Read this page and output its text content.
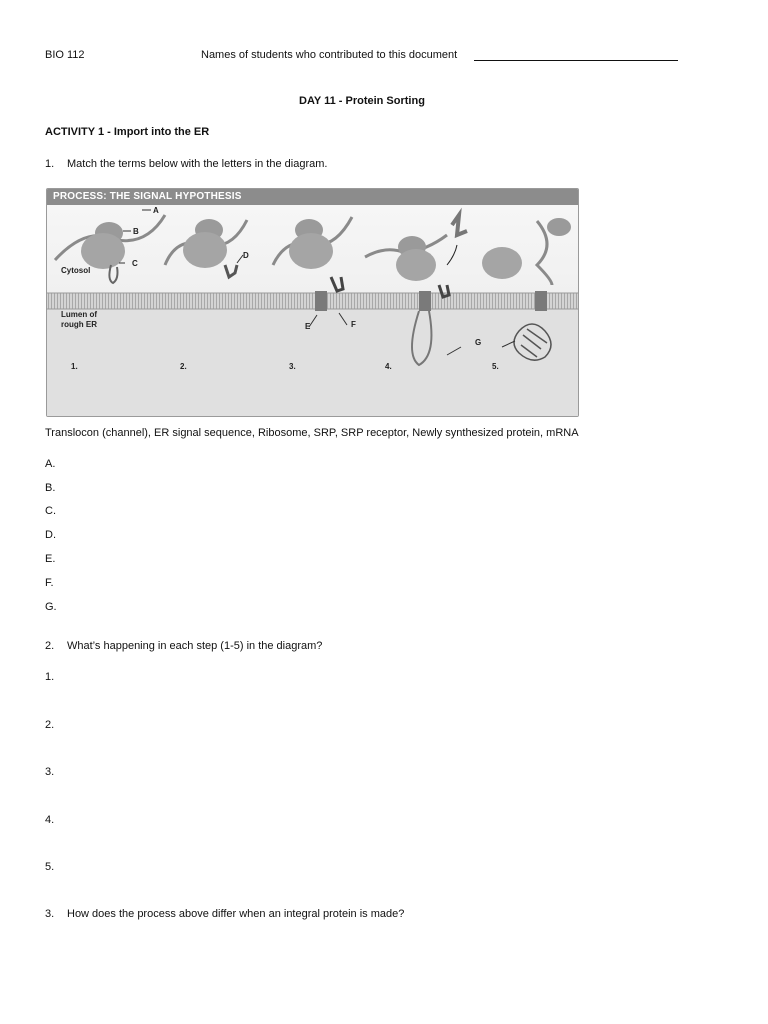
BIO 112	Names of students who contributed to this document
DAY 11 - Protein Sorting
ACTIVITY 1 - Import into the ER
1. Match the terms below with the letters in the diagram.
PROCESS: THE SIGNAL HYPOTHESIS
A
B
C
D
E	F
G
Cytosol
Lumen of
rough ER
1.	2.	3.	4.	5.
Translocon (channel), ER signal sequence, Ribosome, SRP, SRP receptor, Newly synthesized protein, mRNA
A.
B.
C.
D.
E.
F.
G.
2. What’s happening in each step (1-5) in the diagram?
1.
2.
3.
4.
5.
3. How does the process above differ when an integral protein is made?
